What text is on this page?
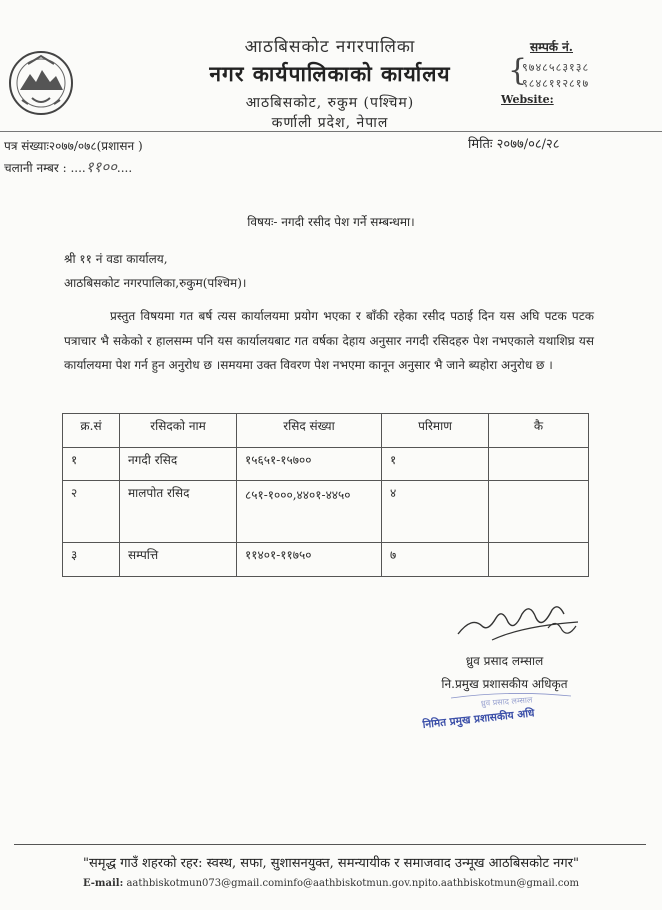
आठबिसकोट नगरपालिका
नगर कार्यपालिकाको कार्यालय
आठबिसकोट, रुकुम (पश्चिम)
कर्णाली प्रदेश, नेपाल
सम्पर्क नं.
{
९७४८५८३१३८
९८४८११२८१७
Website:
पत्र संख्याः२०७७/०७८(प्रशासन )	मितिः २०७७/०८/२८
चलानी नम्बर : ....११००....
विषयः- नगदी रसीद पेश गर्ने सम्बन्धमा।
श्री ११ नं वडा कार्यालय,
आठबिसकोट नगरपालिका,रुकुम(पश्चिम)।
प्रस्तुत विषयमा गत बर्ष त्यस कार्यालयमा प्रयोग भएका र बाँकी रहेका रसीद पठाई दिन यस अघि पटक पटक पत्राचार भै सकेको र हालसम्म पनि यस कार्यालयबाट गत वर्षका देहाय अनुसार नगदी रसिदहरु पेश नभएकाले यथाशिघ्र यस कार्यालयमा पेश गर्न हुन अनुरोध छ ।समयमा उक्त विवरण पेश नभएमा कानून अनुसार भै जाने ब्यहोरा अनुरोध छ ।
क्र.सं	रसिदको नाम	रसिद संख्या	परिमाण	कै
१	नगदी रसिद	१५६५१-१५७००	१	
२	मालपोत रसिद	८५१-१०००,४४०१-४४५०	४	
३	सम्पत्ति	११४०१-११७५०	७	
ध्रुव प्रसाद लम्साल
नि.प्रमुख प्रशासकीय अधिकृत
ध्रुव प्रसाद लम्साल
निमित प्रमुख प्रशासकीय अधि
"समृद्ध गाउँ शहरको रहर: स्वस्थ, सफा, सुशासनयुक्त, समन्यायीक र समाजवाद उन्मूख आठबिसकोट नगर"
E-mail: aathbiskotmun073@gmail.cominfo@aathbiskotmun.gov.npito.aathbiskotmun@gmail.com
